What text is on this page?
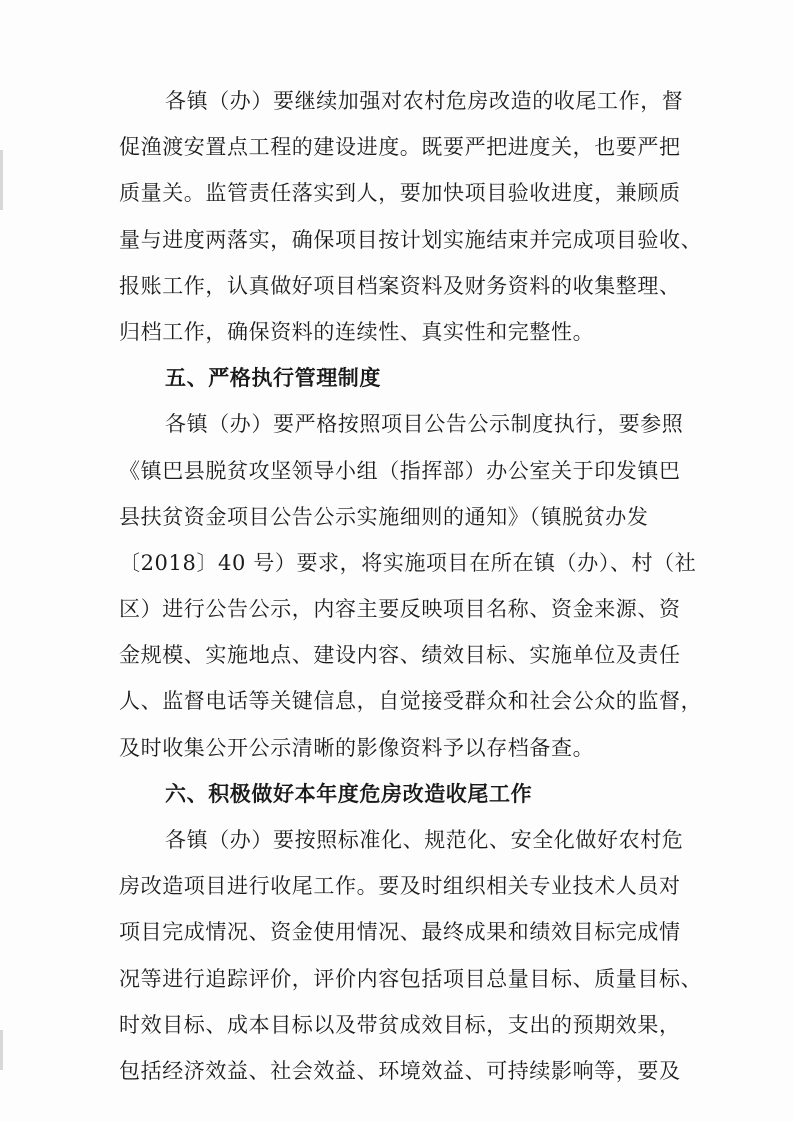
各镇（办）要继续加强对农村危房改造的收尾工作，督
促渔渡安置点工程的建设进度。既要严把进度关，也要严把
质量关。监管责任落实到人，要加快项目验收进度，兼顾质
量与进度两落实，确保项目按计划实施结束并完成项目验收、
报账工作，认真做好项目档案资料及财务资料的收集整理、
归档工作，确保资料的连续性、真实性和完整性。
五、严格执行管理制度
各镇（办）要严格按照项目公告公示制度执行，要参照
《镇巴县脱贫攻坚领导小组（指挥部）办公室关于印发镇巴
县扶贫资金项目公告公示实施细则的通知》（镇脱贫办发
〔2018〕40 号）要求，将实施项目在所在镇（办）、村（社
区）进行公告公示，内容主要反映项目名称、资金来源、资
金规模、实施地点、建设内容、绩效目标、实施单位及责任
人、监督电话等关键信息，自觉接受群众和社会公众的监督，
及时收集公开公示清晰的影像资料予以存档备查。
六、积极做好本年度危房改造收尾工作
各镇（办）要按照标准化、规范化、安全化做好农村危
房改造项目进行收尾工作。要及时组织相关专业技术人员对
项目完成情况、资金使用情况、最终成果和绩效目标完成情
况等进行追踪评价，评价内容包括项目总量目标、质量目标、
时效目标、成本目标以及带贫成效目标，支出的预期效果，
包括经济效益、社会效益、环境效益、可持续影响等，要及
